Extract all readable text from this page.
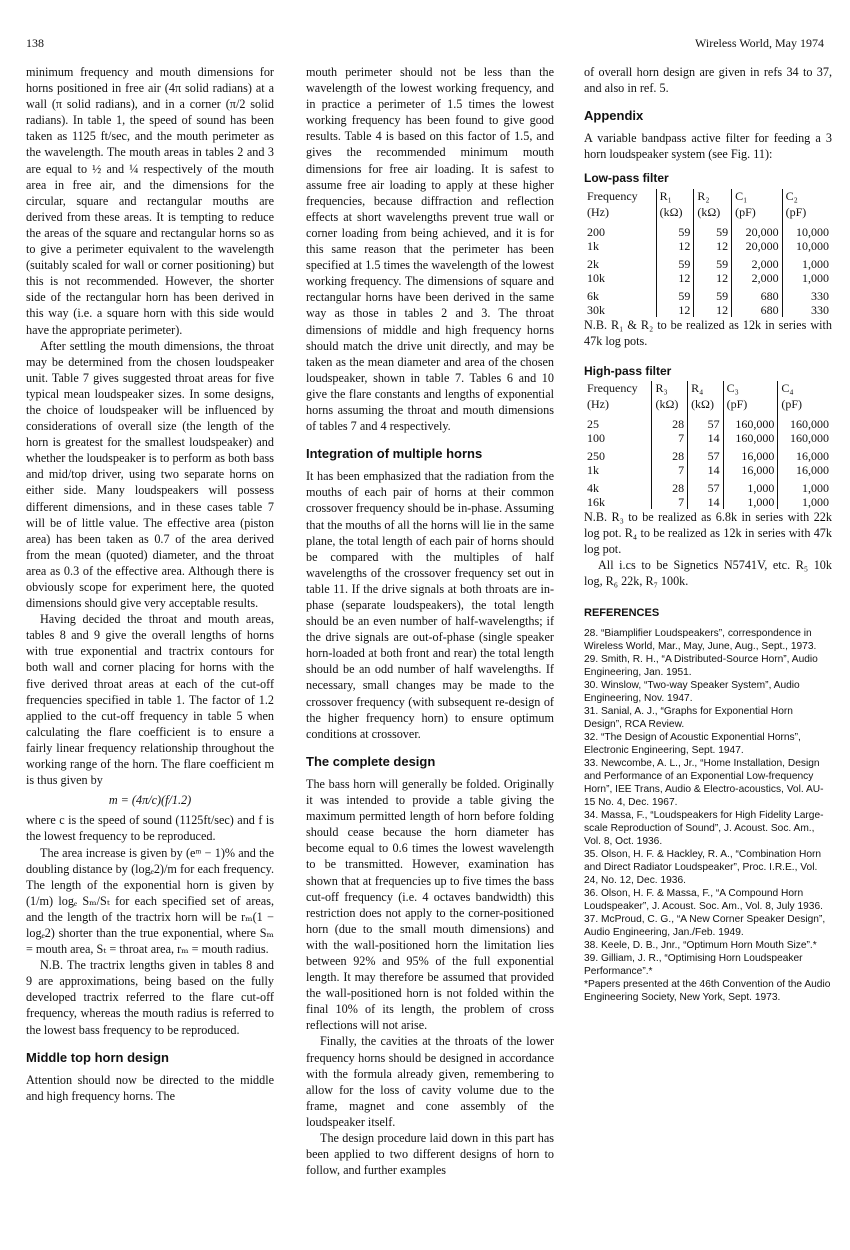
138	Wireless World, May 1974

minimum frequency and mouth dimensions for horns positioned in free air (4π solid radians) at a wall (π solid radians), and in a corner (π/2 solid radians). In table 1, the speed of sound has been taken as 1125 ft/sec, and the mouth perimeter as the wavelength. The mouth areas in tables 2 and 3 are equal to ½ and ¼ respectively of the mouth area in free air, and the dimensions for the circular, square and rectangular mouths are derived from these areas. It is tempting to reduce the areas of the square and rectangular horns so as to give a perimeter equivalent to the wavelength (suitably scaled for wall or corner positioning) but this is not recommended. However, the shorter side of the rectangular horn has been derived in this way (i.e. a square horn with this side would have the appropriate perimeter).

After settling the mouth dimensions, the throat may be determined from the chosen loudspeaker unit. Table 7 gives suggested throat areas for five typical mean loudspeaker sizes. In some designs, the choice of loudspeaker will be influenced by considerations of overall size (the length of the horn is greatest for the smallest loudspeaker) and whether the loudspeaker is to perform as both bass and mid/top driver, using two separate horns on either side. Many loudspeakers will possess different dimensions, and in these cases table 7 will be of little value. The effective area (piston area) has been taken as 0.7 of the area derived from the mean (quoted) diameter, and the throat area as 0.3 of the effective area. Although there is obviously scope for experiment here, the quoted dimensions should give very acceptable results.

Having decided the throat and mouth areas, tables 8 and 9 give the overall lengths of horns with true exponential and tractrix contours for both wall and corner placing for horns with the five derived throat areas at each of the cut-off frequencies specified in table 1. The factor of 1.2 applied to the cut-off frequency in table 5 when calculating the flare coefficient is to ensure a fairly linear frequency relationship throughout the working range of the horn. The flare coefficient m is thus given by

m = (4π/c)(f/1.2)

where c is the speed of sound (1125ft/sec) and f is the lowest frequency to be reproduced.

The area increase is given by (eᵐ − 1)% and the doubling distance by (logₑ2)/m for each frequency. The length of the exponential horn is given by (1/m) logₑ Sₘ/Sₜ for each specified set of areas, and the length of the tractrix horn will be rₘ(1 − logₑ2) shorter than the true exponential, where Sₘ = mouth area, Sₜ = throat area, rₘ = mouth radius.

N.B. The tractrix lengths given in tables 8 and 9 are approximations, being based on the fully developed tractrix referred to the flare cut-off frequency, whereas the mouth radius is referred to the lowest bass frequency to be reproduced.

Middle top horn design

Attention should now be directed to the middle and high frequency horns. The

mouth perimeter should not be less than the wavelength of the lowest working frequency, and in practice a perimeter of 1.5 times the lowest working frequency has been found to give good results. Table 4 is based on this factor of 1.5, and gives the recommended minimum mouth dimensions for free air loading. It is safest to assume free air loading to apply at these higher frequencies, because diffraction and reflection effects at short wavelengths prevent true wall or corner loading from being achieved, and it is for this same reason that the perimeter has been specified at 1.5 times the wavelength of the lowest working frequency. The dimensions of square and rectangular horns have been derived in the same way as those in tables 2 and 3. The throat dimensions of middle and high frequency horns should match the drive unit directly, and may be taken as the mean diameter and area of the chosen loudspeaker, shown in table 7. Tables 6 and 10 give the flare constants and lengths of exponential horns assuming the throat and mouth dimensions of tables 7 and 4 respectively.

Integration of multiple horns

It has been emphasized that the radiation from the mouths of each pair of horns at their common crossover frequency should be in-phase. Assuming that the mouths of all the horns will lie in the same plane, the total length of each pair of horns should be compared with the multiples of half wavelengths of the crossover frequency set out in table 11. If the drive signals at both throats are in-phase (separate loudspeakers), the total length should be an even number of half-wavelengths; if the drive signals are out-of-phase (single speaker horn-loaded at both front and rear) the total length should be an odd number of half wavelengths. If necessary, small changes may be made to the crossover frequency (with subsequent re-design of the higher frequency horn) to ensure optimum conditions at crossover.

The complete design

The bass horn will generally be folded. Originally it was intended to provide a table giving the maximum permitted length of horn before folding should cease because the horn diameter has become equal to 0.6 times the lowest wavelength to be transmitted. However, examination has shown that at frequencies up to five times the bass cut-off frequency (i.e. 4 octaves bandwidth) this restriction does not apply to the corner-positioned horn (due to the small mouth dimensions) and with the wall-positioned horn the limitation lies between 92% and 95% of the full exponential length. It may therefore be assumed that provided the wall-positioned horn is not folded within the final 10% of its length, the problem of cross reflections will not arise.

Finally, the cavities at the throats of the lower frequency horns should be designed in accordance with the formula already given, remembering to allow for the loss of cavity volume due to the frame, magnet and cone assembly of the loudspeaker itself.

The design procedure laid down in this part has been applied to two different designs of horn to follow, and further examples

of overall horn design are given in refs 34 to 37, and also in ref. 5.

Appendix

A variable bandpass active filter for feeding a 3 horn loudspeaker system (see Fig. 11):

Low-pass filter
Frequency	R₁	R₂	C₁	C₂
(Hz)	(kΩ)	(kΩ)	(pF)	(pF)
200	59	59	20,000	10,000
1k	12	12	20,000	10,000
2k	59	59	2,000	1,000
10k	12	12	2,000	1,000
6k	59	59	680	330
30k	12	12	680	330

N.B. R₁ & R₂ to be realized as 12k in series with 47k log pots.

High-pass filter
Frequency	R₃	R₄	C₃	C₄
(Hz)	(kΩ)	(kΩ)	(pF)	(pF)
25	28	57	160,000	160,000
100	7	14	160,000	160,000
250	28	57	16,000	16,000
1k	7	14	16,000	16,000
4k	28	57	1,000	1,000
16k	7	14	1,000	1,000

N.B. R₃ to be realized as 6.8k in series with 22k log pot. R₄ to be realized as 12k in series with 47k log pot.

All i.cs to be Signetics N5741V, etc. R₅ 10k log, R₆ 22k, R₇ 100k.

REFERENCES
28. “Biamplifier Loudspeakers”, correspondence in Wireless World, Mar., May, June, Aug., Sept., 1973.
29. Smith, R. H., “A Distributed-Source Horn”, Audio Engineering, Jan. 1951.
30. Winslow, “Two-way Speaker System”, Audio Engineering, Nov. 1947.
31. Sanial, A. J., “Graphs for Exponential Horn Design”, RCA Review.
32. “The Design of Acoustic Exponential Horns”, Electronic Engineering, Sept. 1947.
33. Newcombe, A. L., Jr., “Home Installation, Design and Performance of an Exponential Low-frequency Horn”, IEE Trans, Audio & Electro-acoustics, Vol. AU-15 No. 4, Dec. 1967.
34. Massa, F., “Loudspeakers for High Fidelity Large-scale Reproduction of Sound”, J. Acoust. Soc. Am., Vol. 8, Oct. 1936.
35. Olson, H. F. & Hackley, R. A., “Combination Horn and Direct Radiator Loudspeaker”, Proc. I.R.E., Vol. 24, No. 12, Dec. 1936.
36. Olson, H. F. & Massa, F., “A Compound Horn Loudspeaker”, J. Acoust. Soc. Am., Vol. 8, July 1936.
37. McProud, C. G., “A New Corner Speaker Design”, Audio Engineering, Jan./Feb. 1949.
38. Keele, D. B., Jnr., “Optimum Horn Mouth Size”.*
39. Gilliam, J. R., “Optimising Horn Loudspeaker Performance”.*
*Papers presented at the 46th Convention of the Audio Engineering Society, New York, Sept. 1973.
